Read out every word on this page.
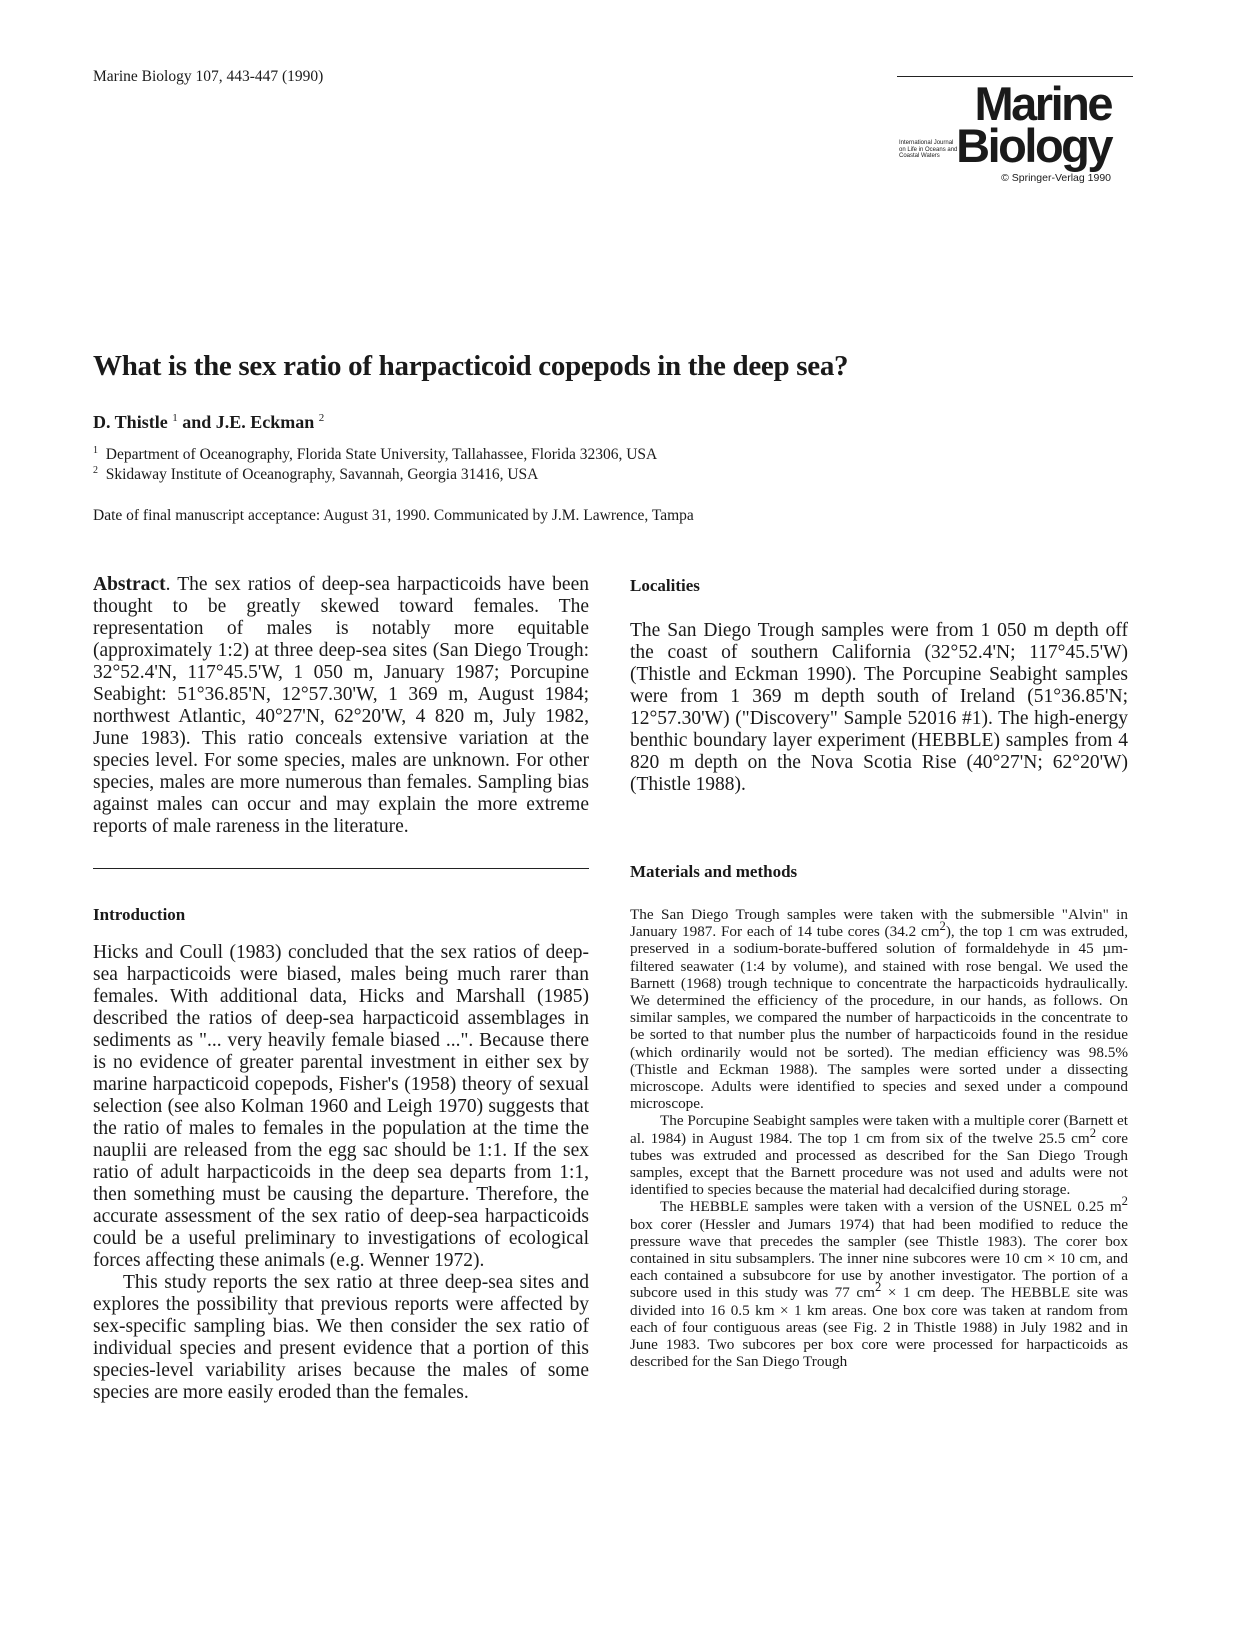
Marine Biology 107, 443-447 (1990)
Marine
Biology
International Journal on Life in Oceans and Coastal Waters
© Springer-Verlag 1990
What is the sex ratio of harpacticoid copepods in the deep sea?
D. Thistle $^1$ and J.E. Eckman $^2$
$^1$ Department of Oceanography, Florida State University, Tallahassee, Florida 32306, USA
$^2$ Skidaway Institute of Oceanography, Savannah, Georgia 31416, USA
Date of final manuscript acceptance: August 31, 1990. Communicated by J.M. Lawrence, Tampa

Abstract. The sex ratios of deep-sea harpacticoids have been thought to be greatly skewed toward females. The representation of males is notably more equitable (approximately 1:2) at three deep-sea sites (San Diego Trough: 32°52.4'N, 117°45.5'W, 1 050 m, January 1987; Porcupine Seabight: 51°36.85'N, 12°57.30'W, 1 369 m, August 1984; northwest Atlantic, 40°27'N, 62°20'W, 4 820 m, July 1982, June 1983). This ratio conceals extensive variation at the species level. For some species, males are unknown. For other species, males are more numerous than females. Sampling bias against males can occur and may explain the more extreme reports of male rareness in the literature.

Introduction

Hicks and Coull (1983) concluded that the sex ratios of deep-sea harpacticoids were biased, males being much rarer than females. With additional data, Hicks and Marshall (1985) described the ratios of deep-sea harpacticoid assemblages in sediments as "... very heavily female biased ...". Because there is no evidence of greater parental investment in either sex by marine harpacticoid copepods, Fisher's (1958) theory of sexual selection (see also Kolman 1960 and Leigh 1970) suggests that the ratio of males to females in the population at the time the nauplii are released from the egg sac should be 1:1. If the sex ratio of adult harpacticoids in the deep sea departs from 1:1, then something must be causing the departure. Therefore, the accurate assessment of the sex ratio of deep-sea harpacticoids could be a useful preliminary to investigations of ecological forces affecting these animals (e.g. Wenner 1972).

This study reports the sex ratio at three deep-sea sites and explores the possibility that previous reports were affected by sex-specific sampling bias. We then consider the sex ratio of individual species and present evidence that a portion of this species-level variability arises because the males of some species are more easily eroded than the females.

Localities

The San Diego Trough samples were from 1 050 m depth off the coast of southern California (32°52.4'N; 117°45.5'W) (Thistle and Eckman 1990). The Porcupine Seabight samples were from 1 369 m depth south of Ireland (51°36.85'N; 12°57.30'W) ("Discovery" Sample 52016 #1). The high-energy benthic boundary layer experiment (HEBBLE) samples from 4 820 m depth on the Nova Scotia Rise (40°27'N; 62°20'W) (Thistle 1988).

Materials and methods

The San Diego Trough samples were taken with the submersible "Alvin" in January 1987. For each of 14 tube cores (34.2 $cm^2$), the top 1 cm was extruded, preserved in a sodium-borate-buffered solution of formaldehyde in 45 µm-filtered seawater (1:4 by volume), and stained with rose bengal. We used the Barnett (1968) trough technique to concentrate the harpacticoids hydraulically. We determined the efficiency of the procedure, in our hands, as follows. On similar samples, we compared the number of harpacticoids in the concentrate to be sorted to that number plus the number of harpacticoids found in the residue (which ordinarily would not be sorted). The median efficiency was 98.5% (Thistle and Eckman 1988). The samples were sorted under a dissecting microscope. Adults were identified to species and sexed under a compound microscope.

The Porcupine Seabight samples were taken with a multiple corer (Barnett et al. 1984) in August 1984. The top 1 cm from six of the twelve 25.5 $cm^2$ core tubes was extruded and processed as described for the San Diego Trough samples, except that the Barnett procedure was not used and adults were not identified to species because the material had decalcified during storage.

The HEBBLE samples were taken with a version of the USNEL 0.25 $m^2$ box corer (Hessler and Jumars 1974) that had been modified to reduce the pressure wave that precedes the sampler (see Thistle 1983). The corer box contained in situ subsamplers. The inner nine subcores were 10 cm × 10 cm, and each contained a subsubcore for use by another investigator. The portion of a subcore used in this study was 77 $cm^2 \times 1$ cm deep. The HEBBLE site was divided into 16 0.5 km × 1 km areas. One box core was taken at random from each of four contiguous areas (see Fig. 2 in Thistle 1988) in July 1982 and in June 1983. Two subcores per box core were processed for harpacticoids as described for the San Diego Trough
